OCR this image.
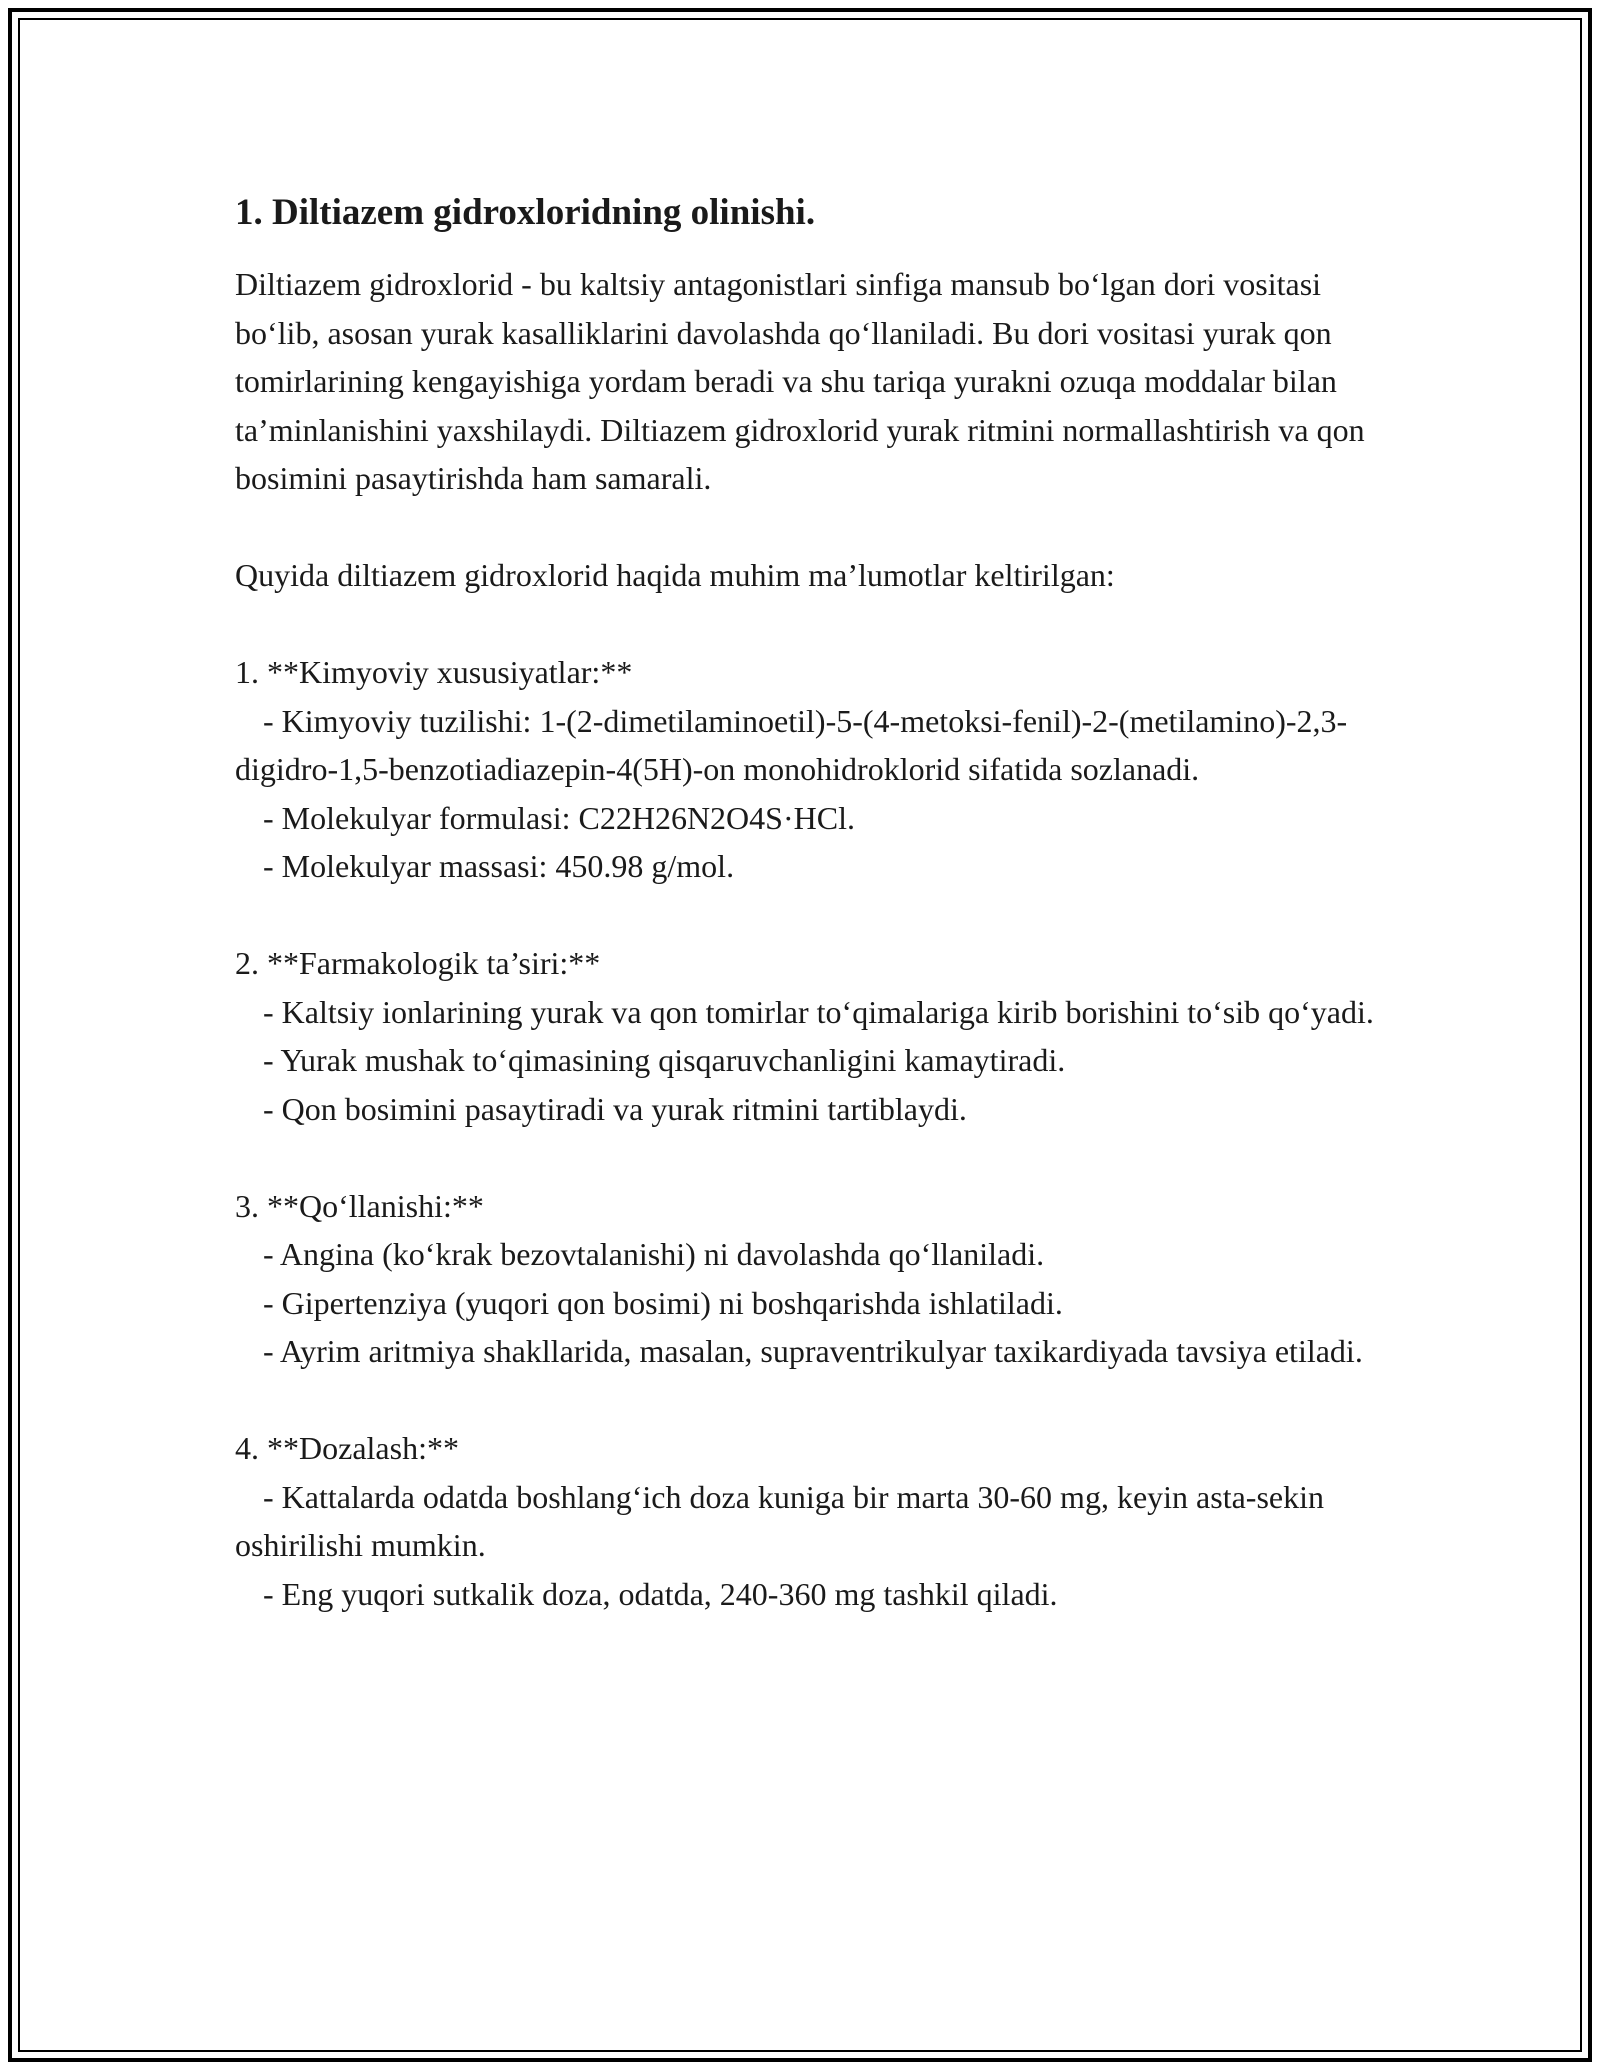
1. Diltiazem gidroxloridning olinishi.

Diltiazem gidroxlorid - bu kaltsiy antagonistlari sinfiga mansub bo‘lgan dori vositasi bo‘lib, asosan yurak kasalliklarini davolashda qo‘llaniladi. Bu dori vositasi yurak qon tomirlarining kengayishiga yordam beradi va shu tariqa yurakni ozuqa moddalar bilan ta’minlanishini yaxshilaydi. Diltiazem gidroxlorid yurak ritmini normallashtirish va qon bosimini pasaytirishda ham samarali.

Quyida diltiazem gidroxlorid haqida muhim ma’lumotlar keltirilgan:

1. **Kimyoviy xususiyatlar:**

- Kimyoviy tuzilishi: 1-(2-dimetilaminoetil)-5-(4-metoksi-fenil)-2-(metilamino)-2,3-digidro-1,5-benzotiadiazepin-4(5H)-on monohidroklorid sifatida sozlanadi.

- Molekulyar formulasi: C22H26N2O4S·HCl.

- Molekulyar massasi: 450.98 g/mol.

2. **Farmakologik ta’siri:**

- Kaltsiy ionlarining yurak va qon tomirlar to‘qimalariga kirib borishini to‘sib qo‘yadi.

- Yurak mushak to‘qimasining qisqaruvchanligini kamaytiradi.

- Qon bosimini pasaytiradi va yurak ritmini tartiblaydi.

3. **Qo‘llanishi:**

- Angina (ko‘krak bezovtalanishi) ni davolashda qo‘llaniladi.

- Gipertenziya (yuqori qon bosimi) ni boshqarishda ishlatiladi.

- Ayrim aritmiya shakllarida, masalan, supraventrikulyar taxikardiyada tavsiya etiladi.

4. **Dozalash:**

- Kattalarda odatda boshlang‘ich doza kuniga bir marta 30-60 mg, keyin asta-sekin oshirilishi mumkin.

- Eng yuqori sutkalik doza, odatda, 240-360 mg tashkil qiladi.
